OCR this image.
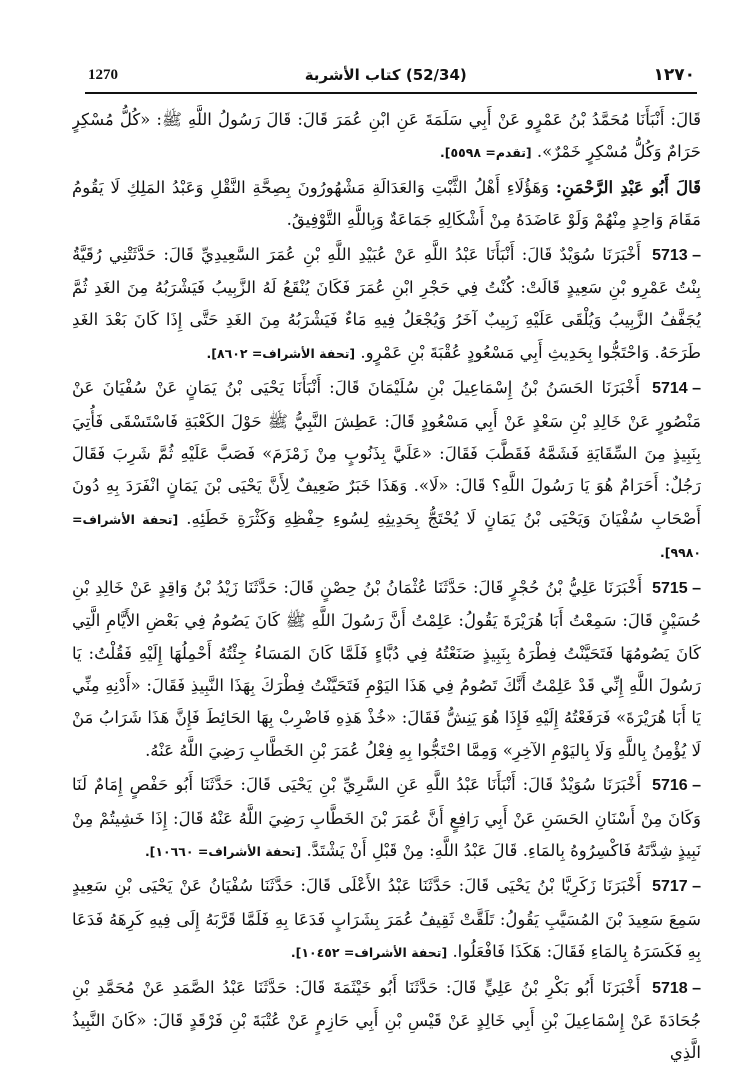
1270	(52/34) كتاب الأشربة	١٢٧٠

قَالَ: أَنْبَأَنَا مُحَمَّدُ بْنُ عَمْرٍو عَنْ أَبِي سَلَمَةَ عَنِ ابْنِ عُمَرَ قَالَ: قَالَ رَسُولُ اللَّهِ ﷺ: «كُلُّ مُسْكِرٍ حَرَامٌ وَكُلُّ مُسْكِرٍ خَمْرٌ». [تقدم= ٥٥٩٨].

قَالَ أَبُو عَبْدِ الرَّحْمَنِ: وَهَؤُلَاءِ أَهْلُ الثَّبْتِ وَالعَدَالَةِ مَشْهُورُونَ بِصِحَّةِ النَّقْلِ وَعَبْدُ المَلِكِ لَا يَقُومُ مَقَامَ وَاحِدٍ مِنْهُمْ وَلَوْ عَاضَدَهُ مِنْ أَشْكَالِهِ جَمَاعَةٌ وَبِاللَّهِ التَّوْفِيقُ.

5713 – أَخْبَرَنَا سُوَيْدٌ قَالَ: أَنْبَأَنَا عَبْدُ اللَّهِ عَنْ عُبَيْدِ اللَّهِ بْنِ عُمَرَ السَّعِيدِيِّ قَالَ: حَدَّثَتْنِي رُقَيَّةُ بِنْتُ عَمْرِو بْنِ سَعِيدٍ قَالَتْ: كُنْتُ فِي حَجْرِ ابْنِ عُمَرَ فَكَانَ يُنْقَعُ لَهُ الزَّبِيبُ فَيَشْرَبُهُ مِنَ الغَدِ ثُمَّ يُجَفَّفُ الزَّبِيبُ وَيُلْقَى عَلَيْهِ زَبِيبٌ آخَرُ وَيُجْعَلُ فِيهِ مَاءٌ فَيَشْرَبُهُ مِنَ الغَدِ حَتَّى إِذَا كَانَ بَعْدَ الغَدِ طَرَحَهُ. وَاحْتَجُّوا بِحَدِيثِ أَبِي مَسْعُودٍ عُقْبَةَ بْنِ عَمْرٍو. [تحفة الأشراف= ٨٦٠٢].

5714 – أَخْبَرَنَا الحَسَنُ بْنُ إِسْمَاعِيلَ بْنِ سُلَيْمَانَ قَالَ: أَنْبَأَنَا يَحْيَى بْنُ يَمَانٍ عَنْ سُفْيَانَ عَنْ مَنْصُورٍ عَنْ خَالِدِ بْنِ سَعْدٍ عَنْ أَبِي مَسْعُودٍ قَالَ: عَطِشَ النَّبِيُّ ﷺ حَوْلَ الكَعْبَةِ فَاسْتَسْقَى فَأُتِيَ بِنَبِيذٍ مِنَ السِّقَايَةِ فَشَمَّهُ فَقَطَّبَ فَقَالَ: «عَلَيَّ بِذَنُوبٍ مِنْ زَمْزَمَ» فَصَبَّ عَلَيْهِ ثُمَّ شَرِبَ فَقَالَ رَجُلٌ: أَحَرَامٌ هُوَ يَا رَسُولَ اللَّهِ؟ قَالَ: «لَا». وَهَذَا خَبَرٌ ضَعِيفٌ لِأَنَّ يَحْيَى بْنَ يَمَانٍ انْفَرَدَ بِهِ دُونَ أَصْحَابِ سُفْيَانَ وَيَحْيَى بْنُ يَمَانٍ لَا يُحْتَجُّ بِحَدِيثِهِ لِسُوءِ حِفْظِهِ وَكَثْرَةِ خَطَئِهِ. [تحفة الأشراف= ٩٩٨٠].

5715 – أَخْبَرَنَا عَلِيُّ بْنُ حُجْرٍ قَالَ: حَدَّثَنَا عُثْمَانُ بْنُ حِصْنٍ قَالَ: حَدَّثَنَا زَيْدُ بْنُ وَاقِدٍ عَنْ خَالِدِ بْنِ حُسَيْنٍ قَالَ: سَمِعْتُ أَبَا هُرَيْرَةَ يَقُولُ: عَلِمْتُ أَنَّ رَسُولَ اللَّهِ ﷺ كَانَ يَصُومُ فِي بَعْضِ الأَيَّامِ الَّتِي كَانَ يَصُومُهَا فَتَحَيَّنْتُ فِطْرَهُ بِنَبِيذٍ صَنَعْتُهُ فِي دُبَّاءٍ فَلَمَّا كَانَ المَسَاءُ جِئْتُهُ أَحْمِلُهَا إِلَيْهِ فَقُلْتُ: يَا رَسُولَ اللَّهِ إِنِّي قَدْ عَلِمْتُ أَنَّكَ تَصُومُ فِي هَذَا اليَوْمِ فَتَحَيَّنْتُ فِطْرَكَ بِهَذَا النَّبِيذِ فَقَالَ: «أَدْنِهِ مِنِّي يَا أَبَا هُرَيْرَةَ» فَرَفَعْتُهُ إِلَيْهِ فَإِذَا هُوَ يَنِشُّ فَقَالَ: «خُذْ هَذِهِ فَاضْرِبْ بِهَا الحَائِطَ فَإِنَّ هَذَا شَرَابُ مَنْ لَا يُؤْمِنُ بِاللَّهِ وَلَا بِاليَوْمِ الآخِرِ» وَمِمَّا احْتَجُّوا بِهِ فِعْلُ عُمَرَ بْنِ الخَطَّابِ رَضِيَ اللَّهُ عَنْهُ.

5716 – أَخْبَرَنَا سُوَيْدٌ قَالَ: أَنْبَأَنَا عَبْدُ اللَّهِ عَنِ السَّرِيِّ بْنِ يَحْيَى قَالَ: حَدَّثَنَا أَبُو حَفْصٍ إِمَامٌ لَنَا وَكَانَ مِنْ أَسْنَانِ الحَسَنِ عَنْ أَبِي رَافِعٍ أَنَّ عُمَرَ بْنَ الخَطَّابِ رَضِيَ اللَّهُ عَنْهُ قَالَ: إِذَا خَشِيتُمْ مِنْ نَبِيذٍ شِدَّتَهُ فَاكْسِرُوهُ بِالمَاءِ. قَالَ عَبْدُ اللَّهِ: مِنْ قَبْلِ أَنْ يَشْتَدَّ. [تحفة الأشراف= ١٠٦٦٠].

5717 – أَخْبَرَنَا زَكَرِيَّا بْنُ يَحْيَى قَالَ: حَدَّثَنَا عَبْدُ الأَعْلَى قَالَ: حَدَّثَنَا سُفْيَانُ عَنْ يَحْيَى بْنِ سَعِيدٍ سَمِعَ سَعِيدَ بْنَ المُسَيَّبِ يَقُولُ: تَلَقَّتْ ثَقِيفُ عُمَرَ بِشَرَابٍ فَدَعَا بِهِ فَلَمَّا قَرَّبَهُ إِلَى فِيهِ كَرِهَهُ فَدَعَا بِهِ فَكَسَرَهُ بِالمَاءِ فَقَالَ: هَكَذَا فَافْعَلُوا. [تحفة الأشراف= ١٠٤٥٢].

5718 – أَخْبَرَنَا أَبُو بَكْرِ بْنُ عَلِيٍّ قَالَ: حَدَّثَنَا أَبُو خَيْثَمَةَ قَالَ: حَدَّثَنَا عَبْدُ الصَّمَدِ عَنْ مُحَمَّدِ بْنِ جُحَادَةَ عَنْ إِسْمَاعِيلَ بْنِ أَبِي خَالِدٍ عَنْ قَيْسِ بْنِ أَبِي حَازِمٍ عَنْ عُتْبَةَ بْنِ فَرْقَدٍ قَالَ: «كَانَ النَّبِيذُ الَّذِي
